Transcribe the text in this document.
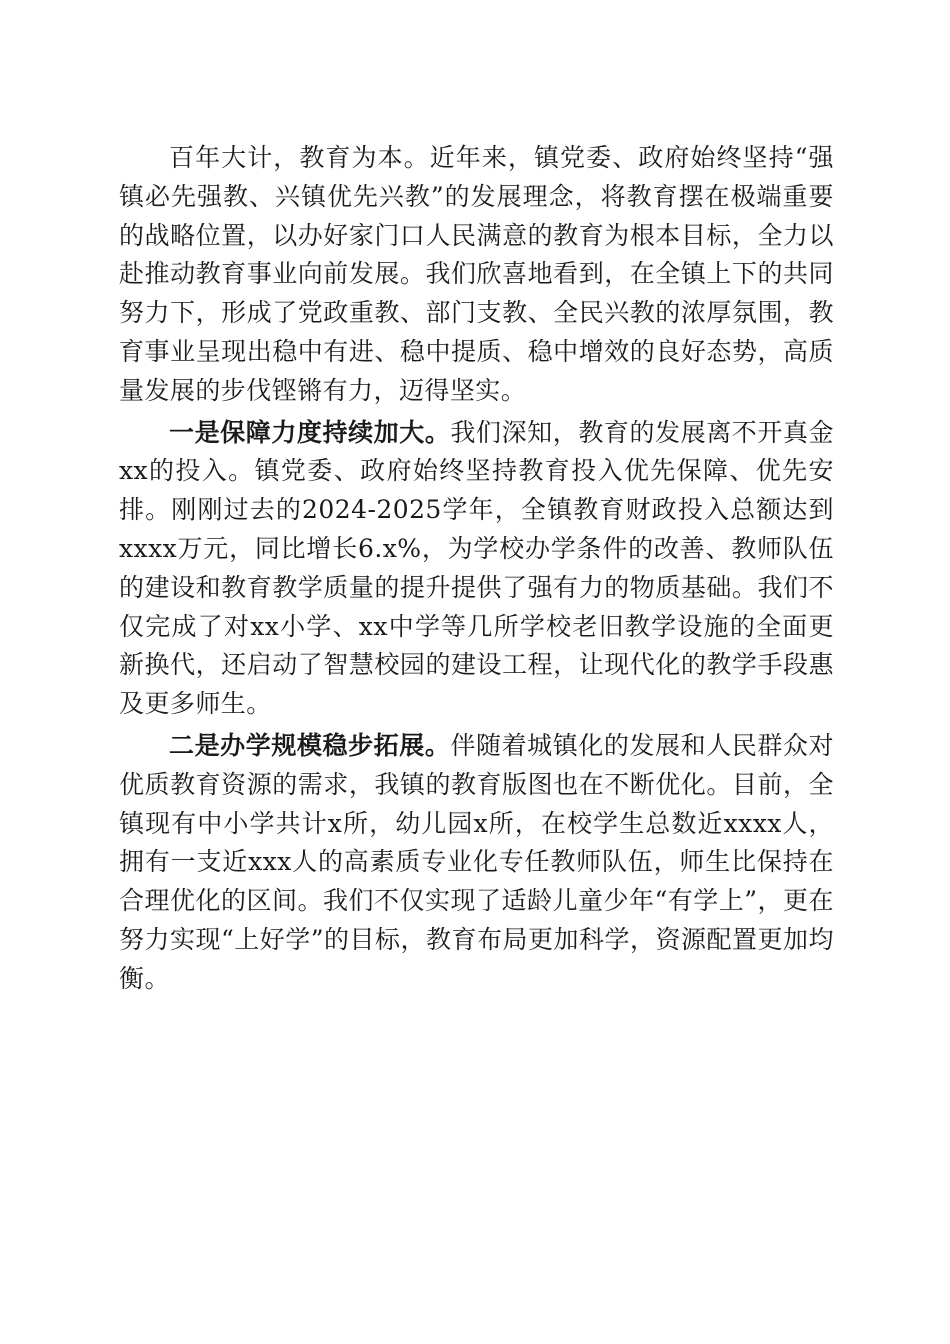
百年大计，教育为本。近年来，镇党委、政府始终坚持“强镇必先强教、兴镇优先兴教”的发展理念，将教育摆在极端重要的战略位置，以办好家门口人民满意的教育为根本目标，全力以赴推动教育事业向前发展。我们欣喜地看到，在全镇上下的共同努力下，形成了党政重教、部门支教、全民兴教的浓厚氛围，教育事业呈现出稳中有进、稳中提质、稳中增效的良好态势，高质量发展的步伐铿锵有力，迈得坚实。

一是保障力度持续加大。我们深知，教育的发展离不开真金xx的投入。镇党委、政府始终坚持教育投入优先保障、优先安排。刚刚过去的2024-2025学年，全镇教育财政投入总额达到xxxx万元，同比增长6.x%，为学校办学条件的改善、教师队伍的建设和教育教学质量的提升提供了强有力的物质基础。我们不仅完成了对xx小学、xx中学等几所学校老旧教学设施的全面更新换代，还启动了智慧校园的建设工程，让现代化的教学手段惠及更多师生。

二是办学规模稳步拓展。伴随着城镇化的发展和人民群众对优质教育资源的需求，我镇的教育版图也在不断优化。目前，全镇现有中小学共计x所，幼儿园x所，在校学生总数近xxxx人，拥有一支近xxx人的高素质专业化专任教师队伍，师生比保持在合理优化的区间。我们不仅实现了适龄儿童少年“有学上”，更在努力实现“上好学”的目标，教育布局更加科学，资源配置更加均衡。
